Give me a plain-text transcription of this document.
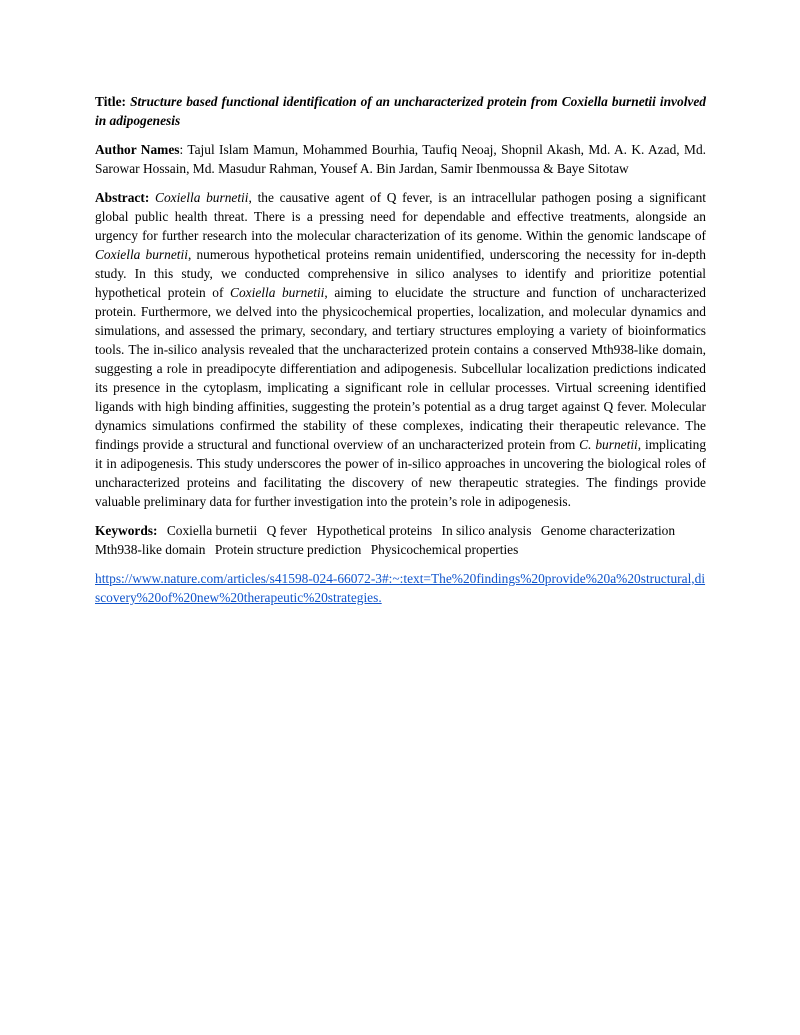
Title: Structure based functional identification of an uncharacterized protein from Coxiella burnetii involved in adipogenesis

Author Names: Tajul Islam Mamun, Mohammed Bourhia, Taufiq Neoaj, Shopnil Akash, Md. A. K. Azad, Md. Sarowar Hossain, Md. Masudur Rahman, Yousef A. Bin Jardan, Samir Ibenmoussa & Baye Sitotaw

Abstract: Coxiella burnetii, the causative agent of Q fever, is an intracellular pathogen posing a significant global public health threat. There is a pressing need for dependable and effective treatments, alongside an urgency for further research into the molecular characterization of its genome. Within the genomic landscape of Coxiella burnetii, numerous hypothetical proteins remain unidentified, underscoring the necessity for in-depth study. In this study, we conducted comprehensive in silico analyses to identify and prioritize potential hypothetical protein of Coxiella burnetii, aiming to elucidate the structure and function of uncharacterized protein. Furthermore, we delved into the physicochemical properties, localization, and molecular dynamics and simulations, and assessed the primary, secondary, and tertiary structures employing a variety of bioinformatics tools. The in-silico analysis revealed that the uncharacterized protein contains a conserved Mth938-like domain, suggesting a role in preadipocyte differentiation and adipogenesis. Subcellular localization predictions indicated its presence in the cytoplasm, implicating a significant role in cellular processes. Virtual screening identified ligands with high binding affinities, suggesting the protein’s potential as a drug target against Q fever. Molecular dynamics simulations confirmed the stability of these complexes, indicating their therapeutic relevance. The findings provide a structural and functional overview of an uncharacterized protein from C. burnetii, implicating it in adipogenesis. This study underscores the power of in-silico approaches in uncovering the biological roles of uncharacterized proteins and facilitating the discovery of new therapeutic strategies. The findings provide valuable preliminary data for further investigation into the protein’s role in adipogenesis.

Keywords: Coxiella burnetii Q fever Hypothetical proteins In silico analysis Genome characterization Mth938-like domain Protein structure prediction Physicochemical properties

https://www.nature.com/articles/s41598-024-66072-3#:~:text=The%20findings%20provide%20a%20structural,discovery%20of%20new%20therapeutic%20strategies.
